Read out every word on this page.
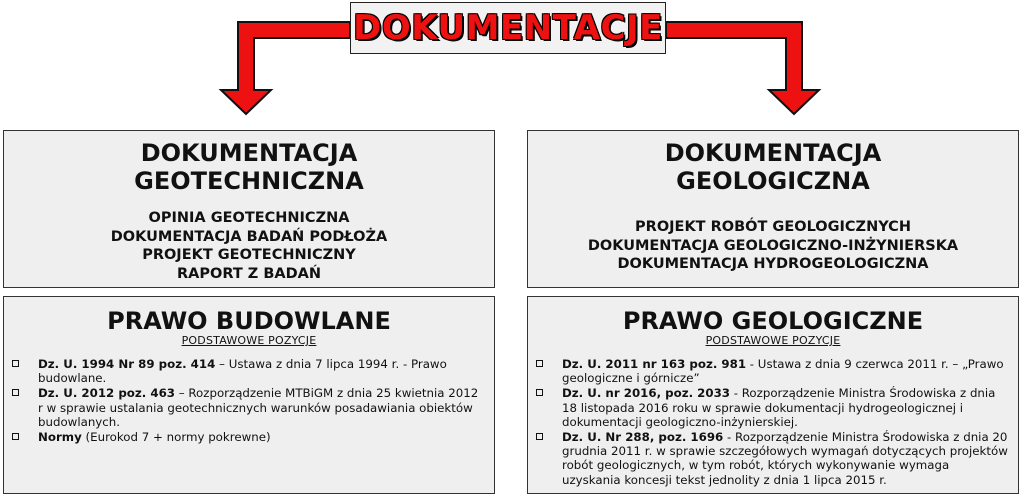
DOKUMENTACJE
DOKUMENTACJA
GEOTECHNICZNA
OPINIA GEOTECHNICZNA
DOKUMENTACJA BADAŃ PODŁOŻA
PROJEKT GEOTECHNICZNY
RAPORT Z BADAŃ
DOKUMENTACJA
GEOLOGICZNA
PROJEKT ROBÓT GEOLOGICZNYCH
DOKUMENTACJA GEOLOGICZNO-INŻYNIERSKA
DOKUMENTACJA HYDROGEOLOGICZNA
PRAWO BUDOWLANE
PODSTAWOWE POZYCJE
Dz. U. 1994 Nr 89 poz. 414 – Ustawa z dnia 7 lipca 1994 r. - Prawo budowlane.
Dz. U. 2012 poz. 463 – Rozporządzenie MTBiGM z dnia 25 kwietnia 2012 r w sprawie ustalania geotechnicznych warunków posadawiania obiektów budowlanych.
Normy (Eurokod 7 + normy pokrewne)
PRAWO GEOLOGICZNE
PODSTAWOWE POZYCJE
Dz. U. 2011 nr 163 poz. 981 - Ustawa z dnia 9 czerwca 2011 r. – „Prawo geologiczne i górnicze”
Dz. U. nr 2016, poz. 2033 - Rozporządzenie Ministra Środowiska z dnia 18 listopada 2016 roku w sprawie dokumentacji hydrogeologicznej i dokumentacji geologiczno-inżynierskiej.
Dz. U. Nr 288, poz. 1696 - Rozporządzenie Ministra Środowiska z dnia 20 grudnia 2011 r. w sprawie szczegółowych wymagań dotyczących projektów robót geologicznych, w tym robót, których wykonywanie wymaga uzyskania koncesji tekst jednolity z dnia 1 lipca 2015 r.
